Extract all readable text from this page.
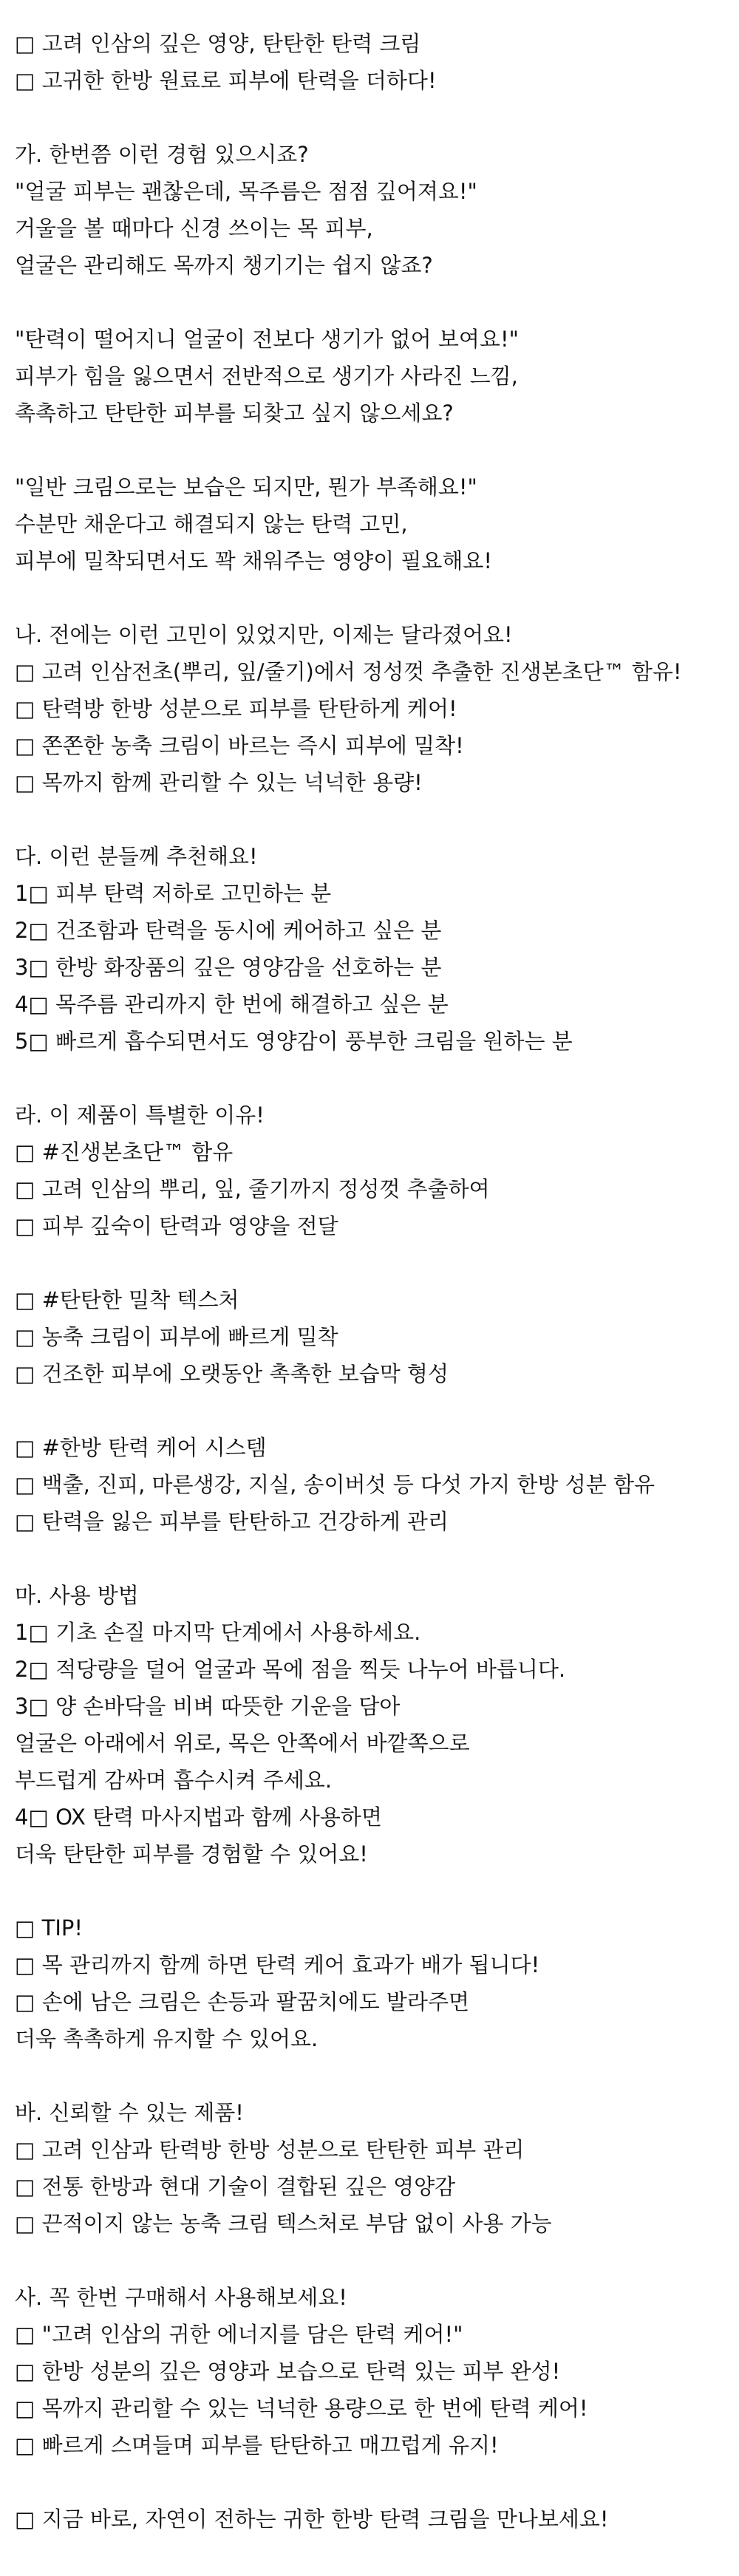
□ 고려 인삼의 깊은 영양, 탄탄한 탄력 크림
□ 고귀한 한방 원료로 피부에 탄력을 더하다!
가. 한번쯤 이런 경험 있으시죠?
"얼굴 피부는 괜찮은데, 목주름은 점점 깊어져요!"
거울을 볼 때마다 신경 쓰이는 목 피부,
얼굴은 관리해도 목까지 챙기기는 쉽지 않죠?
"탄력이 떨어지니 얼굴이 전보다 생기가 없어 보여요!"
피부가 힘을 잃으면서 전반적으로 생기가 사라진 느낌,
촉촉하고 탄탄한 피부를 되찾고 싶지 않으세요?
"일반 크림으로는 보습은 되지만, 뭔가 부족해요!"
수분만 채운다고 해결되지 않는 탄력 고민,
피부에 밀착되면서도 꽉 채워주는 영양이 필요해요!
나. 전에는 이런 고민이 있었지만, 이제는 달라졌어요!
□ 고려 인삼전초(뿌리, 잎/줄기)에서 정성껏 추출한 진생본초단™ 함유!
□ 탄력방 한방 성분으로 피부를 탄탄하게 케어!
□ 쫀쫀한 농축 크림이 바르는 즉시 피부에 밀착!
□ 목까지 함께 관리할 수 있는 넉넉한 용량!
다. 이런 분들께 추천해요!
1□ 피부 탄력 저하로 고민하는 분
2□ 건조함과 탄력을 동시에 케어하고 싶은 분
3□ 한방 화장품의 깊은 영양감을 선호하는 분
4□ 목주름 관리까지 한 번에 해결하고 싶은 분
5□ 빠르게 흡수되면서도 영양감이 풍부한 크림을 원하는 분
라. 이 제품이 특별한 이유!
□ #진생본초단™ 함유
□ 고려 인삼의 뿌리, 잎, 줄기까지 정성껏 추출하여
□ 피부 깊숙이 탄력과 영양을 전달
□ #탄탄한 밀착 텍스처
□ 농축 크림이 피부에 빠르게 밀착
□ 건조한 피부에 오랫동안 촉촉한 보습막 형성
□ #한방 탄력 케어 시스템
□ 백출, 진피, 마른생강, 지실, 송이버섯 등 다섯 가지 한방 성분 함유
□ 탄력을 잃은 피부를 탄탄하고 건강하게 관리
마. 사용 방법
1□ 기초 손질 마지막 단계에서 사용하세요.
2□ 적당량을 덜어 얼굴과 목에 점을 찍듯 나누어 바릅니다.
3□ 양 손바닥을 비벼 따뜻한 기운을 담아
얼굴은 아래에서 위로, 목은 안쪽에서 바깥쪽으로
부드럽게 감싸며 흡수시켜 주세요.
4□ OX 탄력 마사지법과 함께 사용하면
더욱 탄탄한 피부를 경험할 수 있어요!
□ TIP!
□ 목 관리까지 함께 하면 탄력 케어 효과가 배가 됩니다!
□ 손에 남은 크림은 손등과 팔꿈치에도 발라주면
더욱 촉촉하게 유지할 수 있어요.
바. 신뢰할 수 있는 제품!
□ 고려 인삼과 탄력방 한방 성분으로 탄탄한 피부 관리
□ 전통 한방과 현대 기술이 결합된 깊은 영양감
□ 끈적이지 않는 농축 크림 텍스처로 부담 없이 사용 가능
사. 꼭 한번 구매해서 사용해보세요!
□ "고려 인삼의 귀한 에너지를 담은 탄력 케어!"
□ 한방 성분의 깊은 영양과 보습으로 탄력 있는 피부 완성!
□ 목까지 관리할 수 있는 넉넉한 용량으로 한 번에 탄력 케어!
□ 빠르게 스며들며 피부를 탄탄하고 매끄럽게 유지!
□ 지금 바로, 자연이 전하는 귀한 한방 탄력 크림을 만나보세요!
